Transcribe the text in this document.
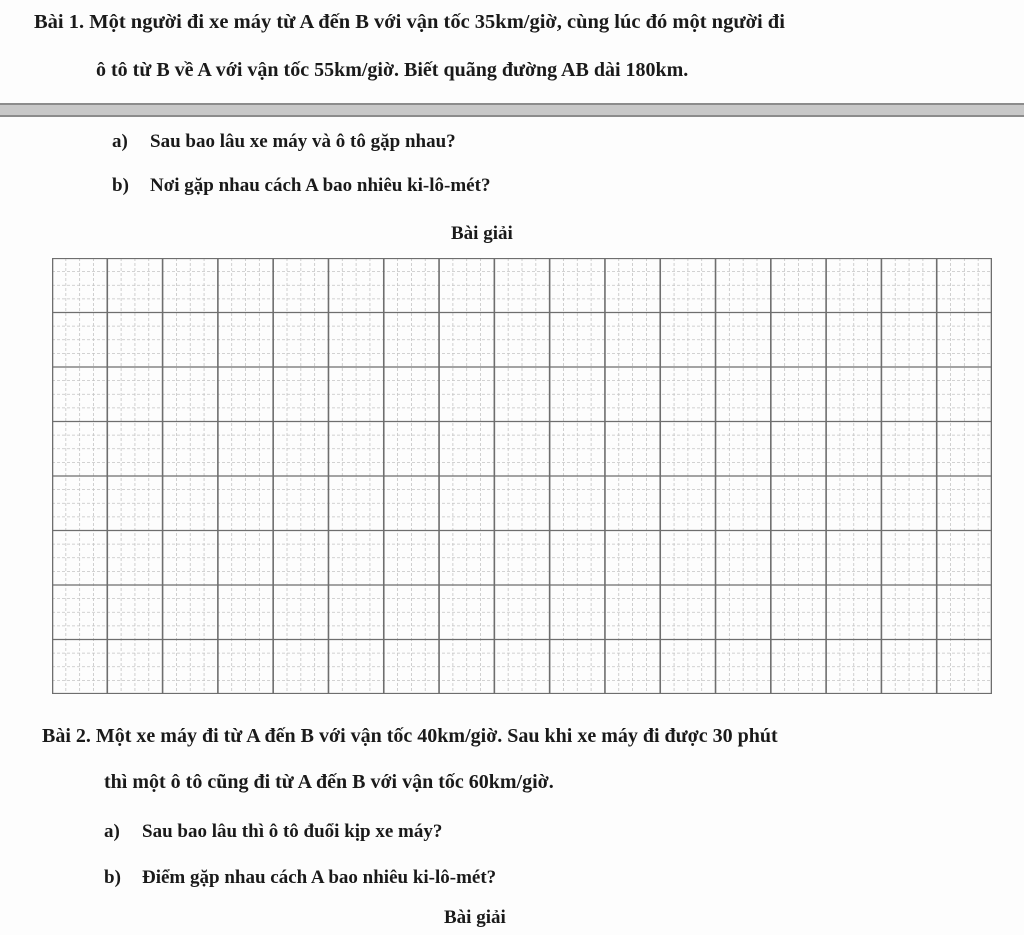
Bài 1. Một người đi xe máy từ A đến B với vận tốc 35km/giờ, cùng lúc đó một người đi
ô tô từ B về A với vận tốc 55km/giờ. Biết quãng đường AB dài 180km.
a) Sau bao lâu xe máy và ô tô gặp nhau?
b) Nơi gặp nhau cách A bao nhiêu ki-lô-mét?
Bài giải
Bài 2. Một xe máy đi từ A đến B với vận tốc 40km/giờ. Sau khi xe máy đi được 30 phút
thì một ô tô cũng đi từ A đến B với vận tốc 60km/giờ.
a) Sau bao lâu thì ô tô đuổi kịp xe máy?
b) Điểm gặp nhau cách A bao nhiêu ki-lô-mét?
Bài giải
